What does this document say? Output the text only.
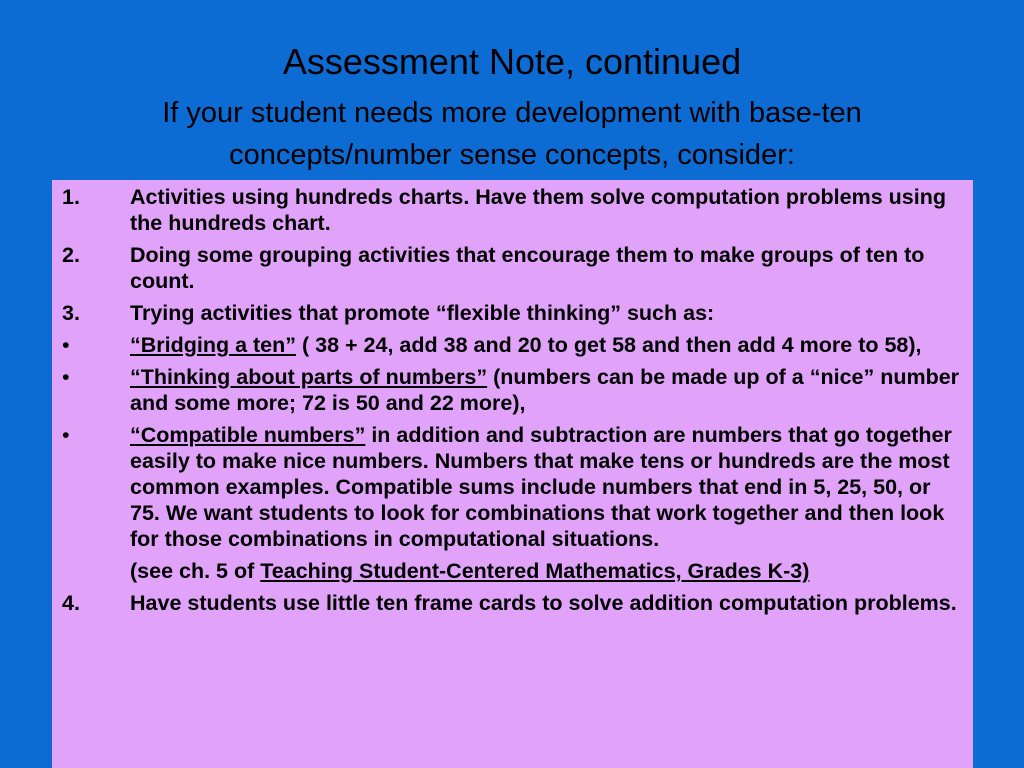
Assessment Note, continued
If your student needs more development with base-ten concepts/number sense concepts, consider:
1.	Activities using hundreds charts. Have them solve computation problems using the hundreds chart.
2.	Doing some grouping activities that encourage them to make groups of ten to count.
3.	Trying activities that promote “flexible thinking” such as:
•	“Bridging a ten” ( 38 + 24, add 38 and 20 to get 58 and then add 4 more to 58),
•	“Thinking about parts of numbers” (numbers can be made up of a “nice” number and some more; 72 is 50 and 22 more),
•	“Compatible numbers” in addition and subtraction are numbers that go together easily to make nice numbers. Numbers that make tens or hundreds are the most common examples. Compatible sums include numbers that end in 5, 25, 50, or 75. We want students to look for combinations that work together and then look for those combinations in computational situations.
(see ch. 5 of Teaching Student-Centered Mathematics, Grades K-3)
4.	Have students use little ten frame cards to solve addition computation problems.
